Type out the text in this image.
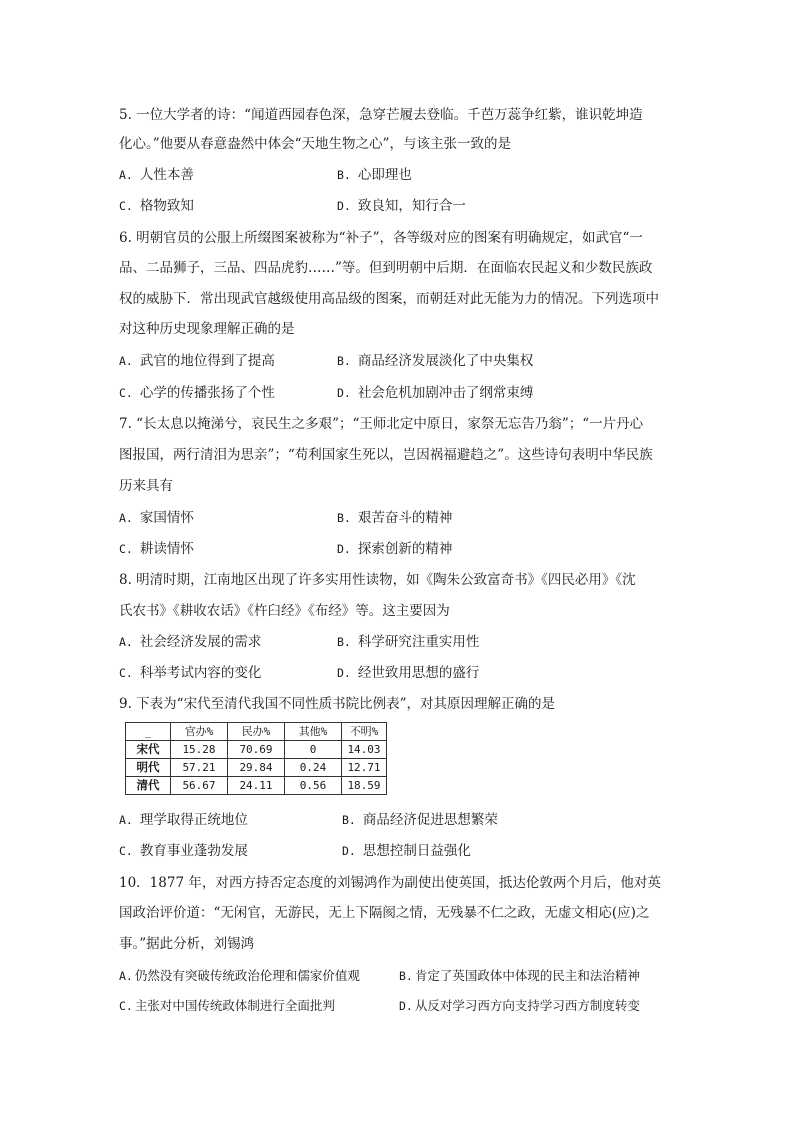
5. 一位大学者的诗：“闻道西园春色深，急穿芒履去登临。千芭万蕊争红紫，谁识乾坤造
化心。”他要从春意盎然中体会“天地生物之心”，与该主张一致的是
A. 人性本善	B. 心即理也
C. 格物致知	D. 致良知，知行合一
6. 明朝官员的公服上所缀图案被称为“补子”，各等级对应的图案有明确规定，如武官“一
品、二品狮子，三品、四品虎豹……”等。但到明朝中后期．在面临农民起义和少数民族政
权的威胁下．常出现武官越级使用高品级的图案，而朝廷对此无能为力的情况。下列选项中
对这种历史现象理解正确的是
A. 武官的地位得到了提高	B. 商品经济发展淡化了中央集权
C. 心学的传播张扬了个性	D. 社会危机加剧冲击了纲常束缚
7. “长太息以掩涕兮，哀民生之多艰”；“王师北定中原日，家祭无忘告乃翁”；“一片丹心
图报国，两行清泪为思亲”；“苟利国家生死以，岂因祸福避趋之”。这些诗句表明中华民族
历来具有
A. 家国情怀	B. 艰苦奋斗的精神
C. 耕读情怀	D. 探索创新的精神
8. 明清时期，江南地区出现了许多实用性读物，如《陶朱公致富奇书》《四民必用》《沈
氏农书》《耕收农话》《杵臼经》《布经》等。这主要因为
A. 社会经济发展的需求	B. 科学研究注重实用性
C. 科举考试内容的变化	D. 经世致用思想的盛行
9. 下表为“宋代至清代我国不同性质书院比例表”，对其原因理解正确的是
_	官办%	民办%	其他%	不明%
宋代	15.28	70.69	0	14.03
明代	57.21	29.84	0.24	12.71
清代	56.67	24.11	0.56	18.59
A. 理学取得正统地位	B. 商品经济促进思想繁荣
C. 教育事业蓬勃发展	D. 思想控制日益强化
10．1877 年，对西方持否定态度的刘锡鸿作为副使出使英国，抵达伦敦两个月后，他对英
国政治评价道：“无闲官，无游民，无上下隔阂之情，无残暴不仁之政，无虚文相応(应)之
事。”据此分析，刘锡鸿
A. 仍然没有突破传统政治伦理和儒家价值观	B. 肯定了英国政体中体现的民主和法治精神
C. 主张对中国传统政体制进行全面批判	D. 从反对学习西方向支持学习西方制度转变
